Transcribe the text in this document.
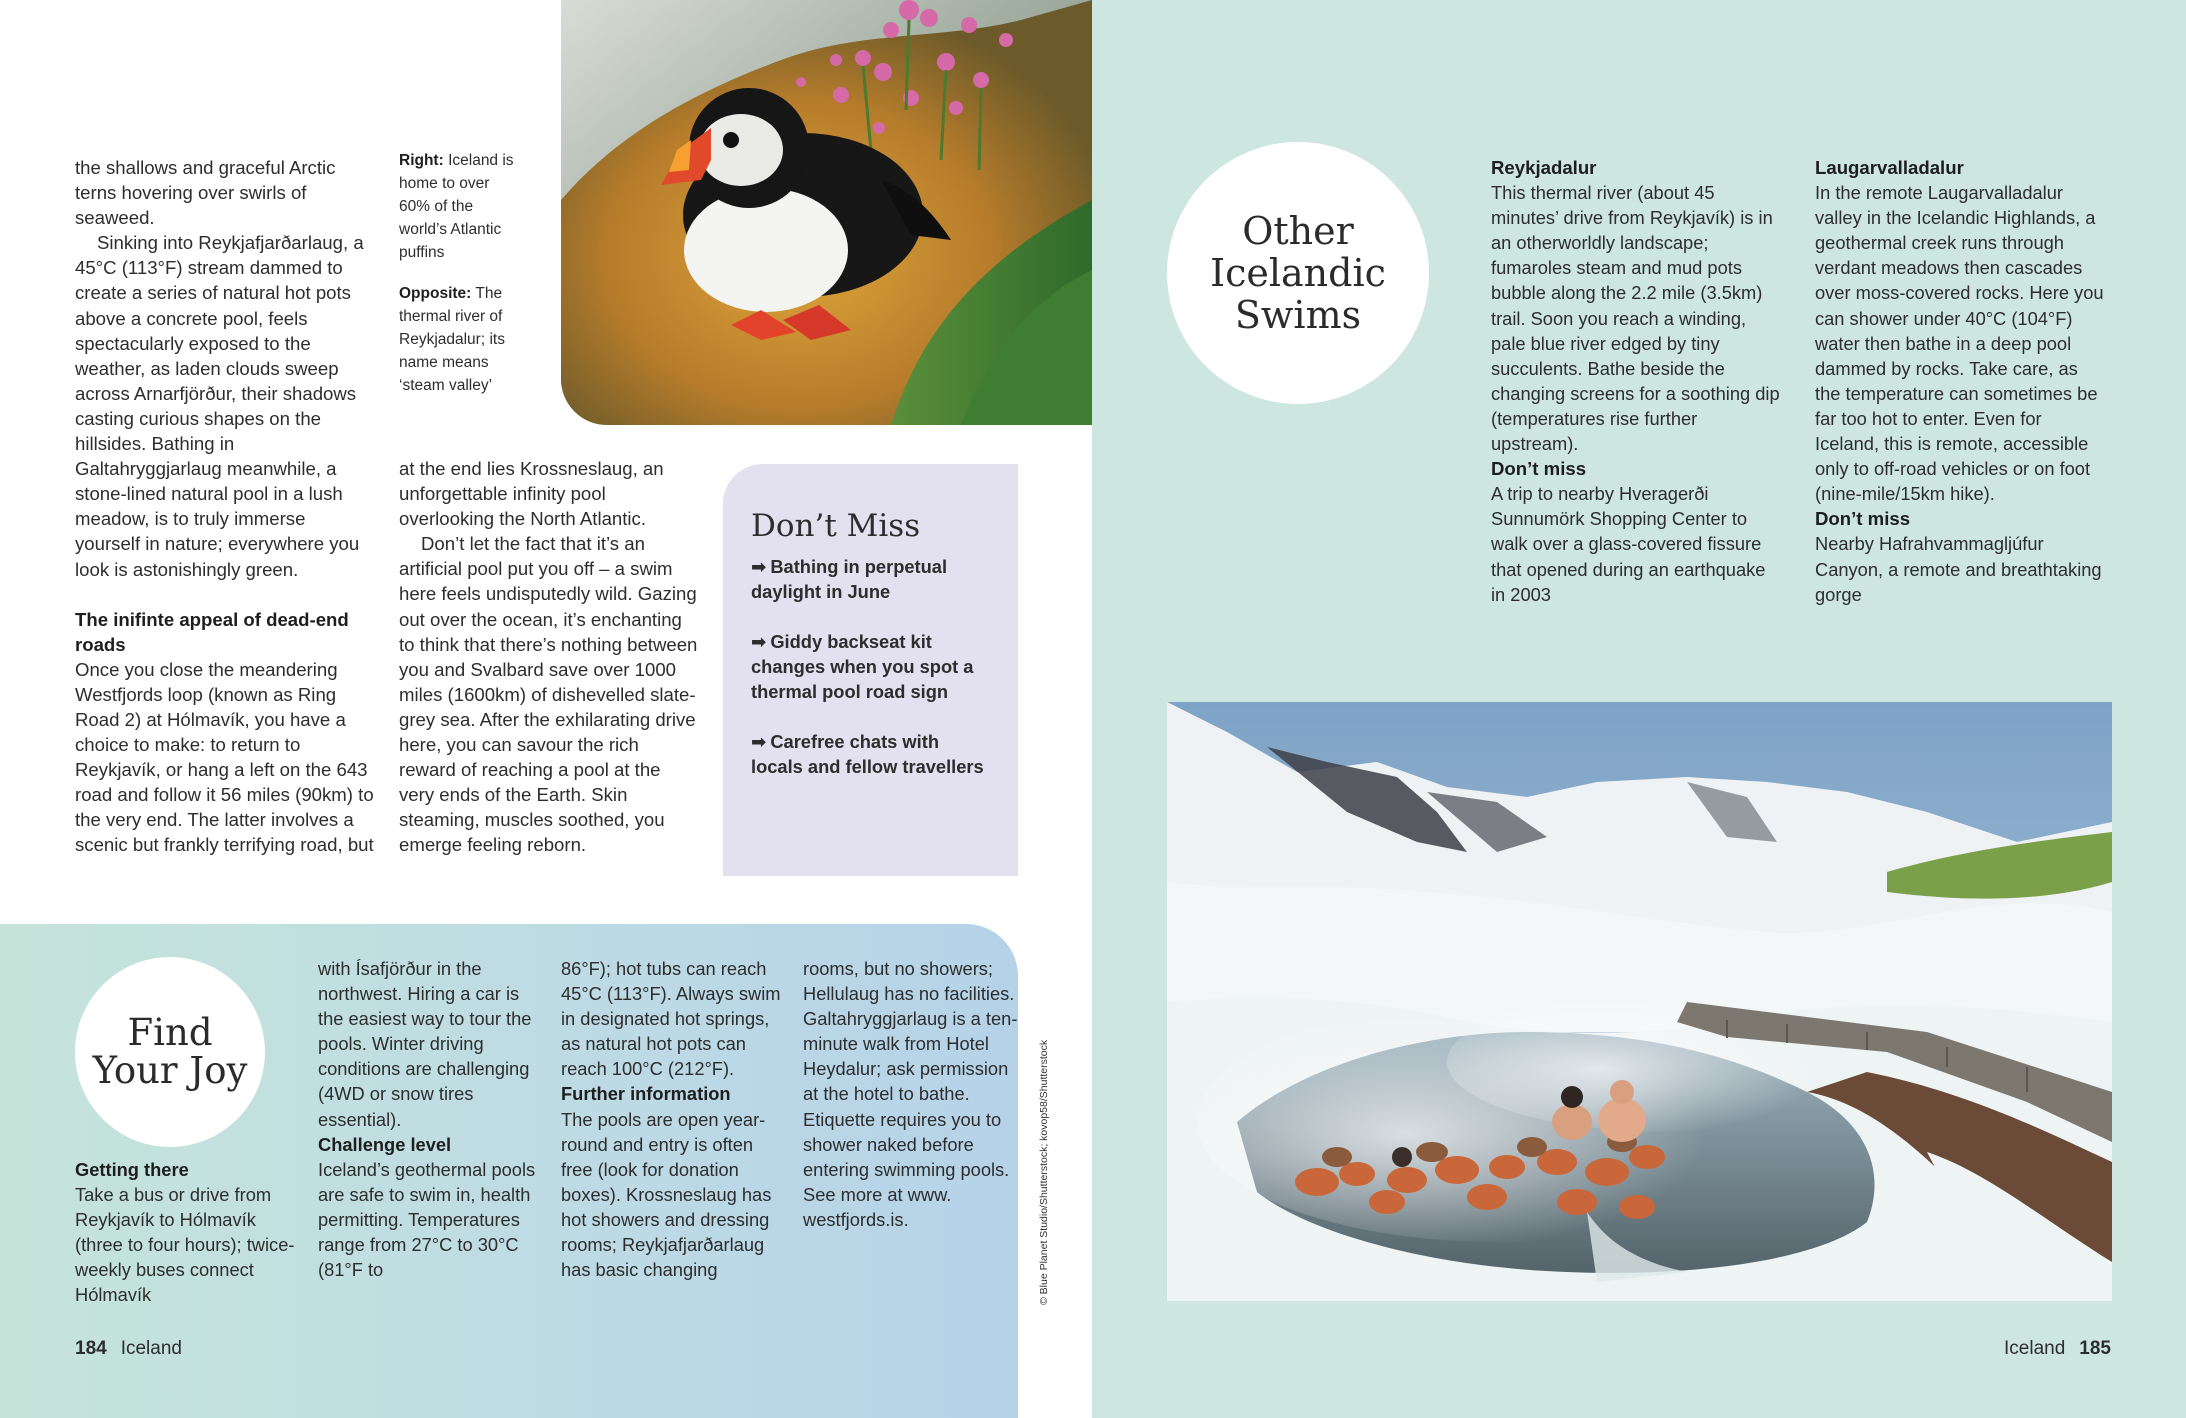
Right: Iceland is home to over 60% of the world’s Atlantic puffins

Opposite: The thermal river of Reykjadalur; its name means ‘steam valley’

the shallows and graceful Arctic terns hovering over swirls of seaweed.

Sinking into Reykjafjarðarlaug, a 45°C (113°F) stream dammed to create a series of natural hot pots above a concrete pool, feels spectacularly exposed to the weather, as laden clouds sweep across Arnarfjörður, their shadows casting curious shapes on the hillsides. Bathing in Galtahryggjarlaug meanwhile, a stone-lined natural pool in a lush meadow, is to truly immerse yourself in nature; everywhere you look is astonishingly green.

The inifinte appeal of dead-end roads

Once you close the meandering Westfjords loop (known as Ring Road 2) at Hólmavík, you have a choice to make: to return to Reykjavík, or hang a left on the 643 road and follow it 56 miles (90km) to the very end. The latter involves a scenic but frankly terrifying road, but

at the end lies Krossneslaug, an unforgettable infinity pool overlooking the North Atlantic.

Don’t let the fact that it’s an artificial pool put you off – a swim here feels undisputedly wild. Gazing out over the ocean, it’s enchanting to think that there’s nothing between you and Svalbard save over 1000 miles (1600km) of dishevelled slate-grey sea. After the exhilarating drive here, you can savour the rich reward of reaching a pool at the very ends of the Earth. Skin steaming, muscles soothed, you emerge feeling reborn.

Don’t Miss
➡ Bathing in perpetual daylight in June
➡ Giddy backseat kit changes when you spot a thermal pool road sign
➡ Carefree chats with locals and fellow travellers
Find
Your Joy

Getting there

Take a bus or drive from Reykjavík to Hólmavík (three to four hours); twice-weekly buses connect Hólmavík

with Ísafjörður in the northwest. Hiring a car is the easiest way to tour the pools. Winter driving conditions are challenging (4WD or snow tires essential).

Challenge level

Iceland’s geothermal pools are safe to swim in, health permitting. Temperatures range from 27°C to 30°C (81°F to

86°F); hot tubs can reach 45°C (113°F). Always swim in designated hot springs, as natural hot pots can reach 100°C (212°F).

Further information

The pools are open year-round and entry is often free (look for donation boxes). Krossneslaug has hot showers and dressing rooms; Reykjafjarðarlaug has basic changing

rooms, but no showers; Hellulaug has no facilities. Galtahryggjarlaug is a ten-minute walk from Hotel Heydalur; ask permission at the hotel to bathe. Etiquette requires you to shower naked before entering swimming pools. See more at www. westfjords.is.	© Blue Planet Studio/Shutterstock; kovop58/Shutterstock
184 Iceland
Other
Icelandic
Swims

Reykjadalur

This thermal river (about 45 minutes’ drive from Reykjavík) is in an otherworldly landscape; fumaroles steam and mud pots bubble along the 2.2 mile (3.5km) trail. Soon you reach a winding, pale blue river edged by tiny succulents. Bathe beside the changing screens for a soothing dip (temperatures rise further upstream).

Don’t miss

A trip to nearby Hveragerði Sunnumörk Shopping Center to walk over a glass-covered fissure that opened during an earthquake in 2003

Laugarvalladalur

In the remote Laugarvalladalur valley in the Icelandic Highlands, a geothermal creek runs through verdant meadows then cascades over moss-covered rocks. Here you can shower under 40°C (104°F) water then bathe in a deep pool dammed by rocks. Take care, as the temperature can sometimes be far too hot to enter. Even for Iceland, this is remote, accessible only to off-road vehicles or on foot (nine-mile/15km hike).

Don’t miss

Nearby Hafrahvammagljúfur Canyon, a remote and breathtaking gorge

Iceland 185
